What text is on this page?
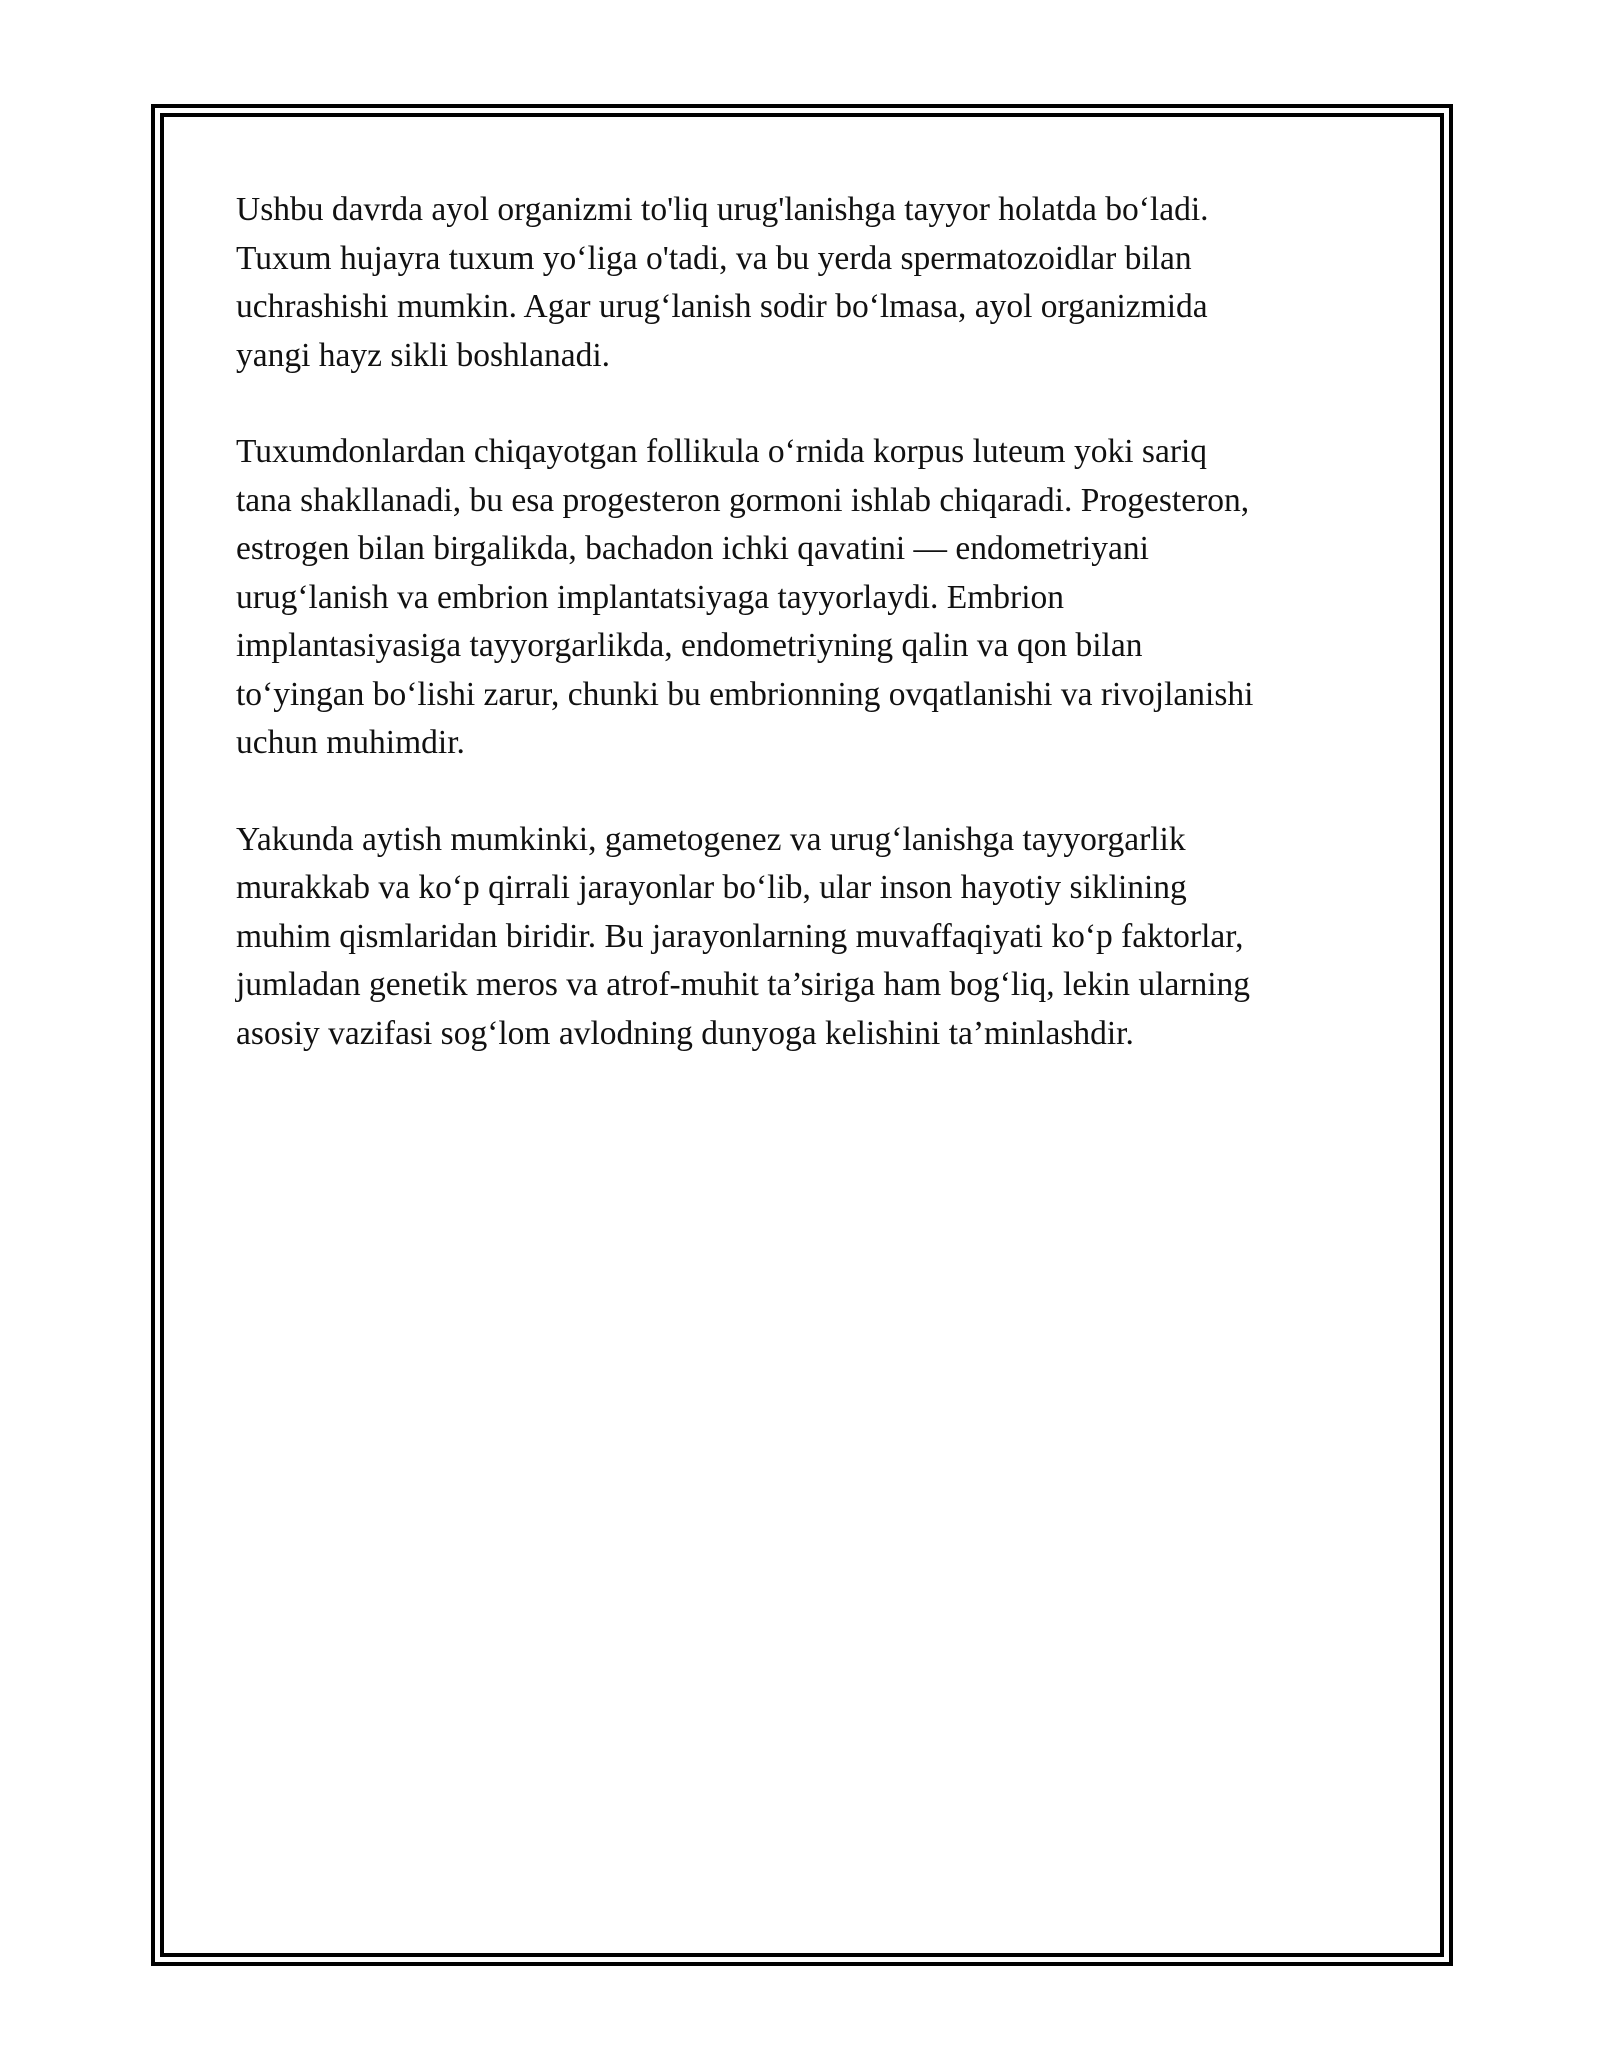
Ushbu davrda ayol organizmi to'liq urug'lanishga tayyor holatda bo‘ladi.
Tuxum hujayra tuxum yo‘liga o'tadi, va bu yerda spermatozoidlar bilan
uchrashishi mumkin. Agar urug‘lanish sodir bo‘lmasa, ayol organizmida
yangi hayz sikli boshlanadi.

Tuxumdonlardan chiqayotgan follikula o‘rnida korpus luteum yoki sariq
tana shakllanadi, bu esa progesteron gormoni ishlab chiqaradi. Progesteron,
estrogen bilan birgalikda, bachadon ichki qavatini — endometriyani
urug‘lanish va embrion implantatsiyaga tayyorlaydi. Embrion
implantasiyasiga tayyorgarlikda, endometriyning qalin va qon bilan
to‘yingan bo‘lishi zarur, chunki bu embrionning ovqatlanishi va rivojlanishi
uchun muhimdir.

Yakunda aytish mumkinki, gametogenez va urug‘lanishga tayyorgarlik
murakkab va ko‘p qirrali jarayonlar bo‘lib, ular inson hayotiy siklining
muhim qismlaridan biridir. Bu jarayonlarning muvaffaqiyati ko‘p faktorlar,
jumladan genetik meros va atrof-muhit ta’siriga ham bog‘liq, lekin ularning
asosiy vazifasi sog‘lom avlodning dunyoga kelishini ta’minlashdir.
